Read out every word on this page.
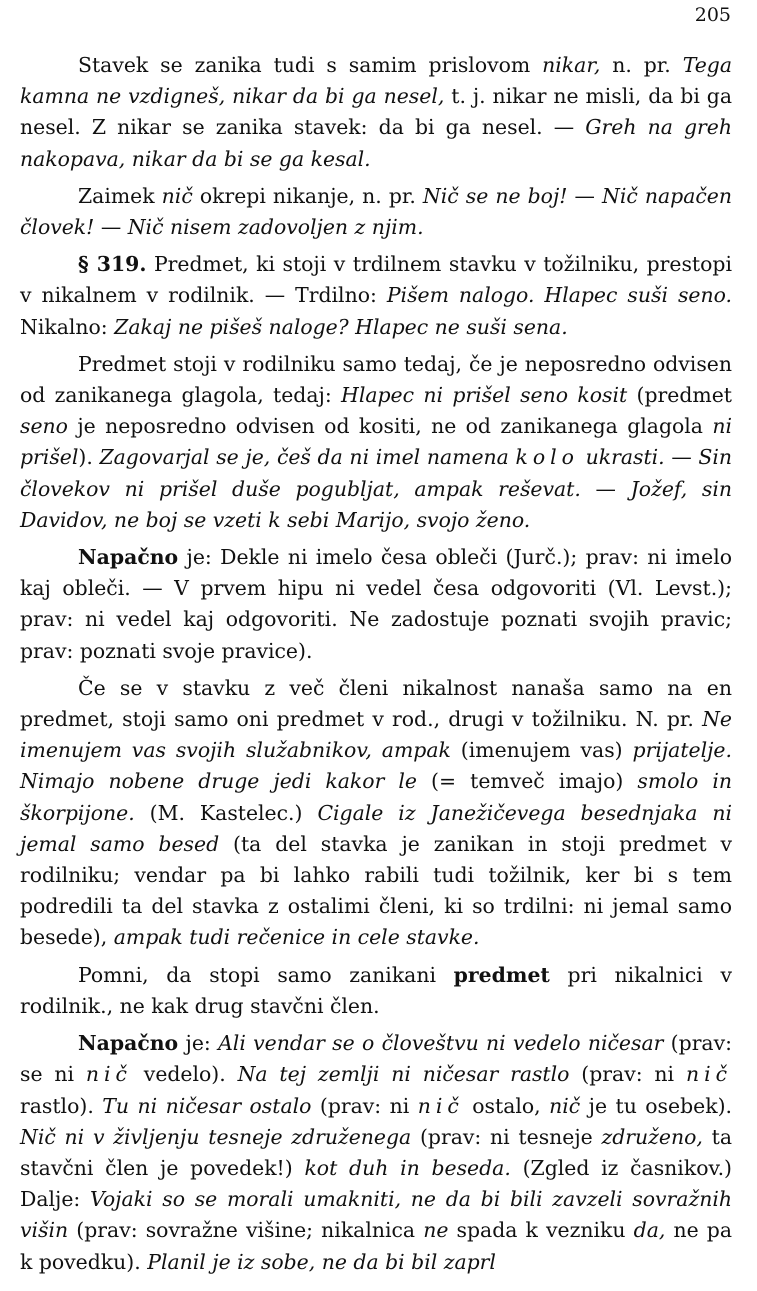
205

Stavek se zanika tudi s samim prislovom nikar, n. pr. Tega kamna ne vzdigneš, nikar da bi ga nesel, t. j. nikar ne misli, da bi ga nesel. Z nikar se zanika stavek: da bi ga nesel. — Greh na greh nakopava, nikar da bi se ga kesal.

Zaimek nič okrepi nikanje, n. pr. Nič se ne boj! — Nič napačen človek! — Nič nisem zadovoljen z njim.

§ 319. Predmet, ki stoji v trdilnem stavku v tožilniku, prestopi v nikalnem v rodilnik. — Trdilno: Pišem nalogo. Hlapec suši seno. Nikalno: Zakaj ne pišeš naloge? Hlapec ne suši sena.

Predmet stoji v rodilniku samo tedaj, če je neposredno odvisen od zanikanega glagola, tedaj: Hlapec ni prišel seno kosit (predmet seno je neposredno odvisen od kositi, ne od zanikanega glagola ni prišel). Zagovarjal se je, češ da ni imel namena kolo ukrasti. — Sin človekov ni prišel duše pogubljat, ampak reševat. — Jožef, sin Davidov, ne boj se vzeti k sebi Marijo, svojo ženo.

Napačno je: Dekle ni imelo česa obleči (Jurč.); prav: ni imelo kaj obleči. — V prvem hipu ni vedel česa odgovoriti (Vl. Levst.); prav: ni vedel kaj odgovoriti. Ne zadostuje poznati svojih pravic; prav: poznati svoje pravice).

Če se v stavku z več členi nikalnost nanaša samo na en predmet, stoji samo oni predmet v rod., drugi v tožilniku. N. pr. Ne imenujem vas svojih služabnikov, ampak (imenujem vas) prijatelje. Nimajo nobene druge jedi kakor le (= temveč imajo) smolo in škorpijone. (M. Kastelec.) Cigale iz Janežičevega besednjaka ni jemal samo besed (ta del stavka je zanikan in stoji predmet v rodilniku; vendar pa bi lahko rabili tudi tožilnik, ker bi s tem podredili ta del stavka z ostalimi členi, ki so trdilni: ni jemal samo besede), ampak tudi rečenice in cele stavke.

Pomni, da stopi samo zanikani predmet pri nikalnici v rodilnik., ne kak drug stavčni člen.

Napačno je: Ali vendar se o človeštvu ni vedelo ničesar (prav: se ni nič vedelo). Na tej zemlji ni ničesar rastlo (prav: ni nič rastlo). Tu ni ničesar ostalo (prav: ni nič ostalo, nič je tu osebek). Nič ni v življenju tesneje združenega (prav: ni tesneje združeno, ta stavčni člen je povedek!) kot duh in beseda. (Zgled iz časnikov.) Dalje: Vojaki so se morali umakniti, ne da bi bili zavzeli sovražnih višin (prav: sovražne višine; nikalnica ne spada k vezniku da, ne pa k povedku). Planil je iz sobe, ne da bi bil zaprl
